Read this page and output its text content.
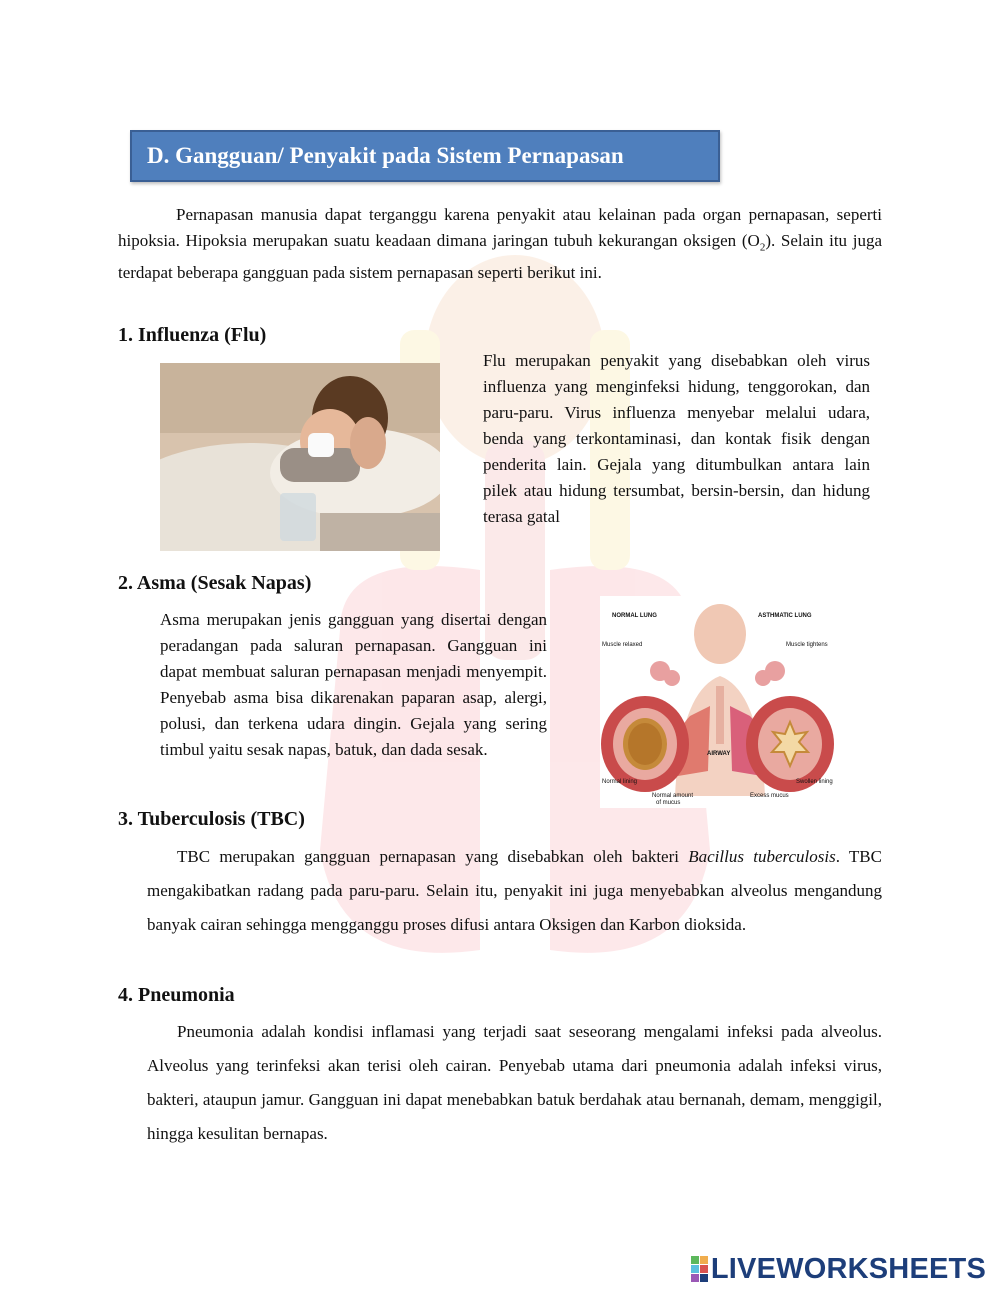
D. Gangguan/ Penyakit pada Sistem Pernapasan

Pernapasan manusia dapat terganggu karena penyakit atau kelainan pada organ pernapasan, seperti hipoksia. Hipoksia merupakan suatu keadaan dimana jaringan tubuh kekurangan oksigen $(O_2)$. Selain itu juga terdapat beberapa gangguan pada sistem pernapasan seperti berikut ini.

1. Influenza (Flu)

Flu merupakan penyakit yang disebabkan oleh virus influenza yang menginfeksi hidung, tenggorokan, dan paru-paru. Virus influenza menyebar melalui udara, benda yang terkontaminasi, dan kontak fisik dengan penderita lain. Gejala yang ditumbulkan antara lain pilek atau hidung tersumbat, bersin-bersin, dan hidung terasa gatal

2. Asma (Sesak Napas)

Asma merupakan jenis gangguan yang disertai dengan peradangan pada saluran pernapasan. Gangguan ini dapat membuat saluran pernapasan menjadi menyempit. Penyebab asma bisa dikarenakan paparan asap, alergi, polusi, dan terkena udara dingin. Gejala yang sering timbul yaitu sesak napas, batuk, dan dada sesak.

NORMAL LUNG	ASTHMATIC LUNG
Muscle relaxed	Muscle tightens
AIRWAY
Normal lining
Normal amount
of mucus
Excess mucus
Swollen lining
3. Tuberculosis (TBC)

TBC merupakan gangguan pernapasan yang disebabkan oleh bakteri Bacillus tuberculosis. TBC mengakibatkan radang pada paru-paru. Selain itu, penyakit ini juga menyebabkan alveolus mengandung banyak cairan sehingga mengganggu proses difusi antara Oksigen dan Karbon dioksida.

4. Pneumonia

Pneumonia adalah kondisi inflamasi yang terjadi saat seseorang mengalami infeksi pada alveolus. Alveolus yang terinfeksi akan terisi oleh cairan. Penyebab utama dari pneumonia adalah infeksi virus, bakteri, ataupun jamur. Gangguan ini dapat menebabkan batuk berdahak atau bernanah, demam, menggigil, hingga kesulitan bernapas.

LIVEWORKSHEETS
